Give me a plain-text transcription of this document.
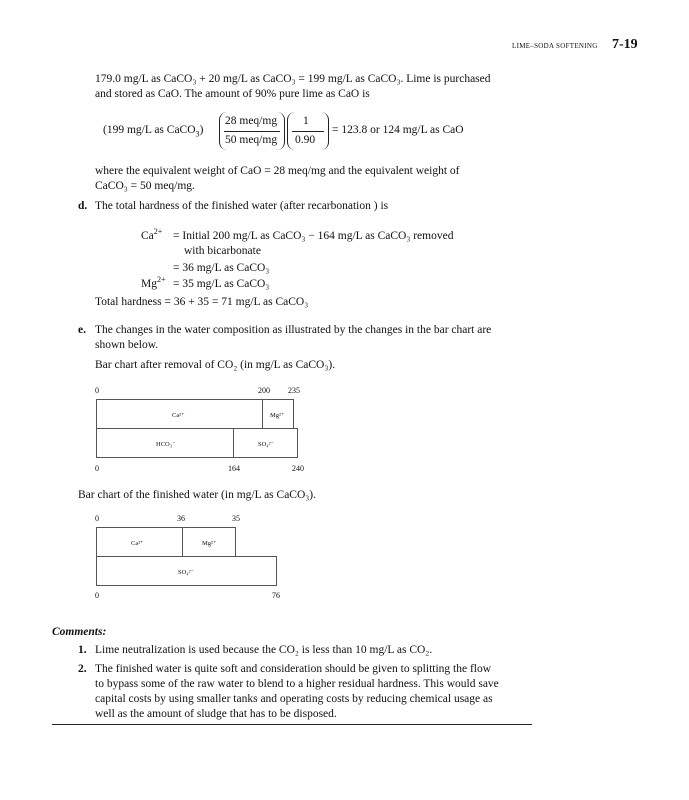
LIME–SODA SOFTENING 7-19
179.0 mg/L as CaCO₃ + 20 mg/L as CaCO₃ = 199 mg/L as CaCO₃. Lime is purchased
and stored as CaO. The amount of 90% pure lime as CaO is
(199 mg/L as CaCO$_3$)
28 meq/mg
50 meq/mg
1
0.90
= 123.8 or 124 mg/L as CaO
where the equivalent weight of CaO = 28 meq/mg and the equivalent weight of
CaCO₃ = 50 meq/mg.
d. The total hardness of the finished water (after recarbonation ) is
$Ca^{2+}$ = Initial 200 mg/L as CaCO₃ − 164 mg/L as CaCO₃ removed
with bicarbonate
= 36 mg/L as CaCO₃
$Mg^{2+} = 35$ mg/L as CaCO₃
Total hardness = 36 + 35 = 71 mg/L as CaCO₃
e. The changes in the water composition as illustrated by the changes in the bar chart are
shown below.
Bar chart after removal of CO₂ (in mg/L as CaCO₃).
0	200 235
Ca²⁺	Mg²⁺
HCO₃⁻	SO₄²⁻
0	164	240
Bar chart of the finished water (in mg/L as CaCO₃).
0	36	35
Ca²⁺	Mg²⁺
SO₄²⁻
0	76
Comments:
1. Lime neutralization is used because the CO₂ is less than 10 mg/L as CO₂.
2. The finished water is quite soft and consideration should be given to splitting the flow
to bypass some of the raw water to blend to a higher residual hardness. This would save
capital costs by using smaller tanks and operating costs by reducing chemical usage as
well as the amount of sludge that has to be disposed.
